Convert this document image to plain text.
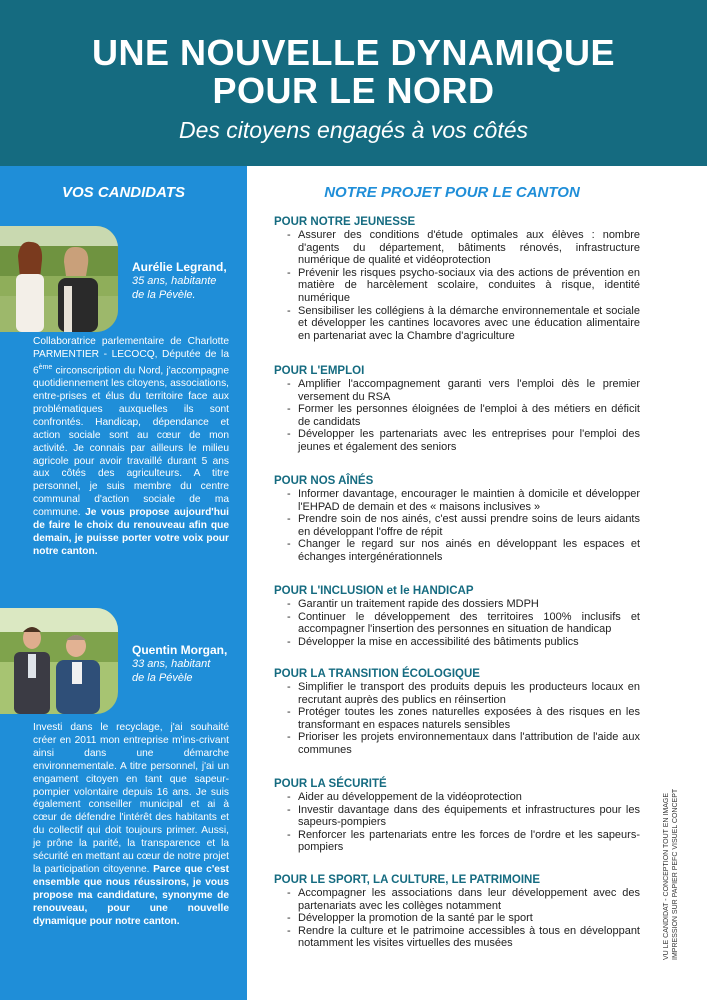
UNE NOUVELLE DYNAMIQUE
POUR LE NORD
Des citoyens engagés à vos côtés
VOS CANDIDATS
Aurélie Legrand,
35 ans, habitante
de la Pévèle.
Collaboratrice parlementaire de Charlotte PARMENTIER - LECOCQ, Députée de la 6ème circonscription du Nord, j'accompagne quotidiennement les citoyens, associations, entre-prises et élus du territoire face aux problématiques auxquelles ils sont confrontés. Handicap, dépendance et action sociale sont au cœur de mon activité. Je connais par ailleurs le milieu agricole pour avoir travaillé durant 5 ans aux côtés des agriculteurs. A titre personnel, je suis membre du centre communal d'action sociale de ma commune. Je vous propose aujourd'hui de faire le choix du renouveau afin que demain, je puisse porter votre voix pour notre canton.
Quentin Morgan,
33 ans, habitant
de la Pévèle
Investi dans le recyclage, j'ai souhaité créer en 2011 mon entreprise m'ins-crivant ainsi dans une démarche environnementale. A titre personnel, j'ai un engament citoyen en tant que sapeur-pompier volontaire depuis 16 ans. Je suis également conseiller municipal et ai à cœur de défendre l'intérêt des habitants et du collectif qui doit toujours primer. Aussi, je prône la parité, la transparence et la sécurité en mettant au cœur de notre projet la participation citoyenne. Parce que c'est ensemble que nous réussirons, je vous propose ma candidature, synonyme de renouveau, pour une nouvelle dynamique pour notre canton.
NOTRE PROJET POUR LE CANTON
POUR NOTRE JEUNESSE
- Assurer des conditions d'étude optimales aux élèves : nombre d'agents du département, bâtiments rénovés, infrastructure numérique de qualité et vidéoprotection
- Prévenir les risques psycho-sociaux via des actions de prévention en matière de harcèlement scolaire, conduites à risque, identité numérique
- Sensibiliser les collégiens à la démarche environnementale et sociale et développer les cantines locavores avec une éducation alimentaire en partenariat avec la Chambre d'agriculture
POUR L'EMPLOI
- Amplifier l'accompagnement garanti vers l'emploi dès le premier versement du RSA
- Former les personnes éloignées de l'emploi à des métiers en déficit de candidats
- Développer les partenariats avec les entreprises pour l'emploi des jeunes et également des seniors
POUR NOS AÎNÉS
- Informer davantage, encourager le maintien à domicile et développer l'EHPAD de demain et des « maisons inclusives »
- Prendre soin de nos ainés, c'est aussi prendre soins de leurs aidants en développant l'offre de répit
- Changer le regard sur nos ainés en développant les espaces et échanges intergénérationnels
POUR L'INCLUSION et le HANDICAP
- Garantir un traitement rapide des dossiers MDPH
- Continuer le développement des territoires 100% inclusifs et accompagner l'insertion des personnes en situation de handicap
- Développer la mise en accessibilité des bâtiments publics
POUR LA TRANSITION ÉCOLOGIQUE
- Simplifier le transport des produits depuis les producteurs locaux en recrutant auprès des publics en réinsertion
- Protéger toutes les zones naturelles exposées à des risques en les transformant en espaces naturels sensibles
- Prioriser les projets environnementaux dans l'attribution de l'aide aux communes
POUR LA SÉCURITÉ
- Aider au développement de la vidéoprotection
- Investir davantage dans des équipements et infrastructures pour les sapeurs-pompiers
- Renforcer les partenariats entre les forces de l'ordre et les sapeurs-pompiers
POUR LE SPORT, LA CULTURE, LE PATRIMOINE
- Accompagner les associations dans leur développement avec des partenariats avec les collèges notamment
- Développer la promotion de la santé par le sport
- Rendre la culture et le patrimoine accessibles à tous en développant notamment les visites virtuelles des musées	VU LE CANDIDAT - CONCEPTION TOUT EN IMAGE IMPRESSION SUR PAPIER PEFC VISUEL CONCEPT
